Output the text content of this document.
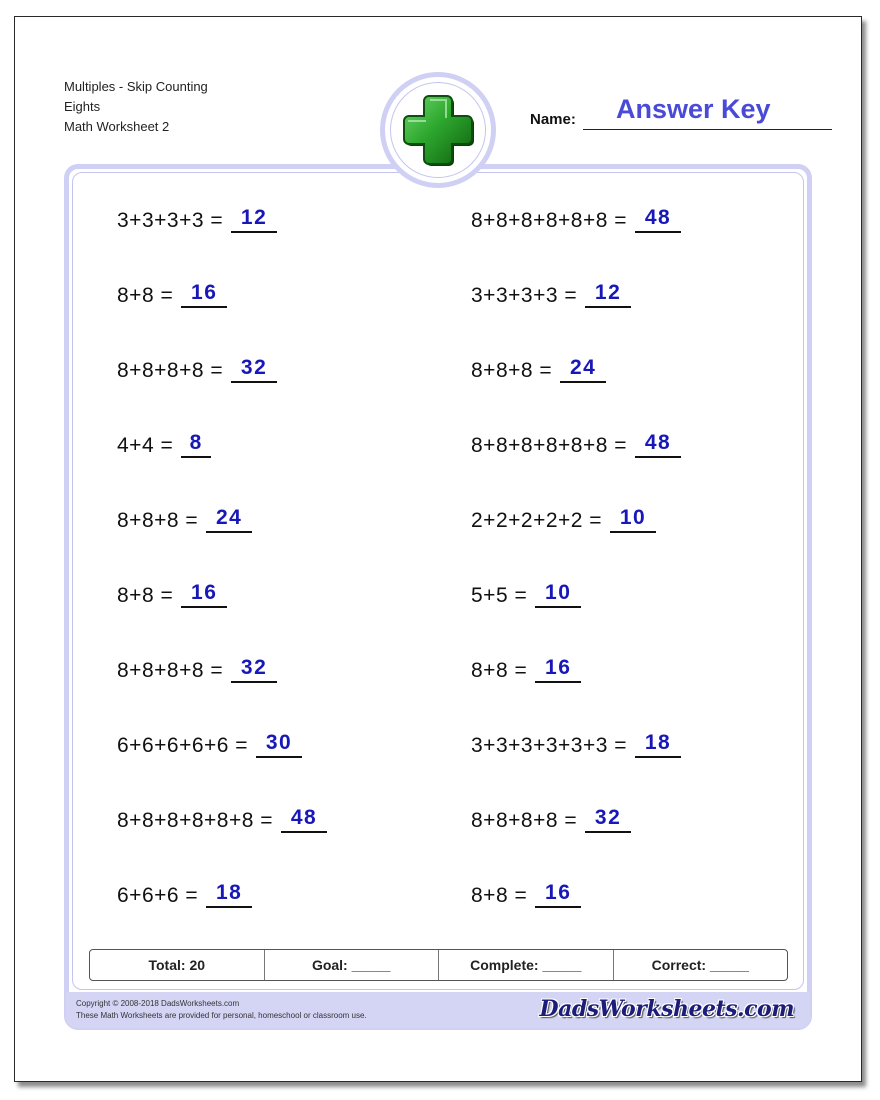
Multiples - Skip Counting
Eights
Math Worksheet 2	Name: Answer Key
3+3+3+3 = 12
8+8 = 16
8+8+8+8 = 32
4+4 = 8
8+8+8 = 24
8+8 = 16
8+8+8+8 = 32
6+6+6+6+6 = 30
8+8+8+8+8+8 = 48
6+6+6 = 18
8+8+8+8+8+8 = 48
3+3+3+3 = 12
8+8+8 = 24
8+8+8+8+8+8 = 48
2+2+2+2+2 = 10
5+5 = 10
8+8 = 16
3+3+3+3+3+3 = 18
8+8+8+8 = 32
8+8 = 16
Total: 20	Goal: _____	Complete: _____	Correct: _____
Copyright © 2008-2018 DadsWorksheets.com
These Math Worksheets are provided for personal, homeschool or classroom use.	DadsWorksheets.com
